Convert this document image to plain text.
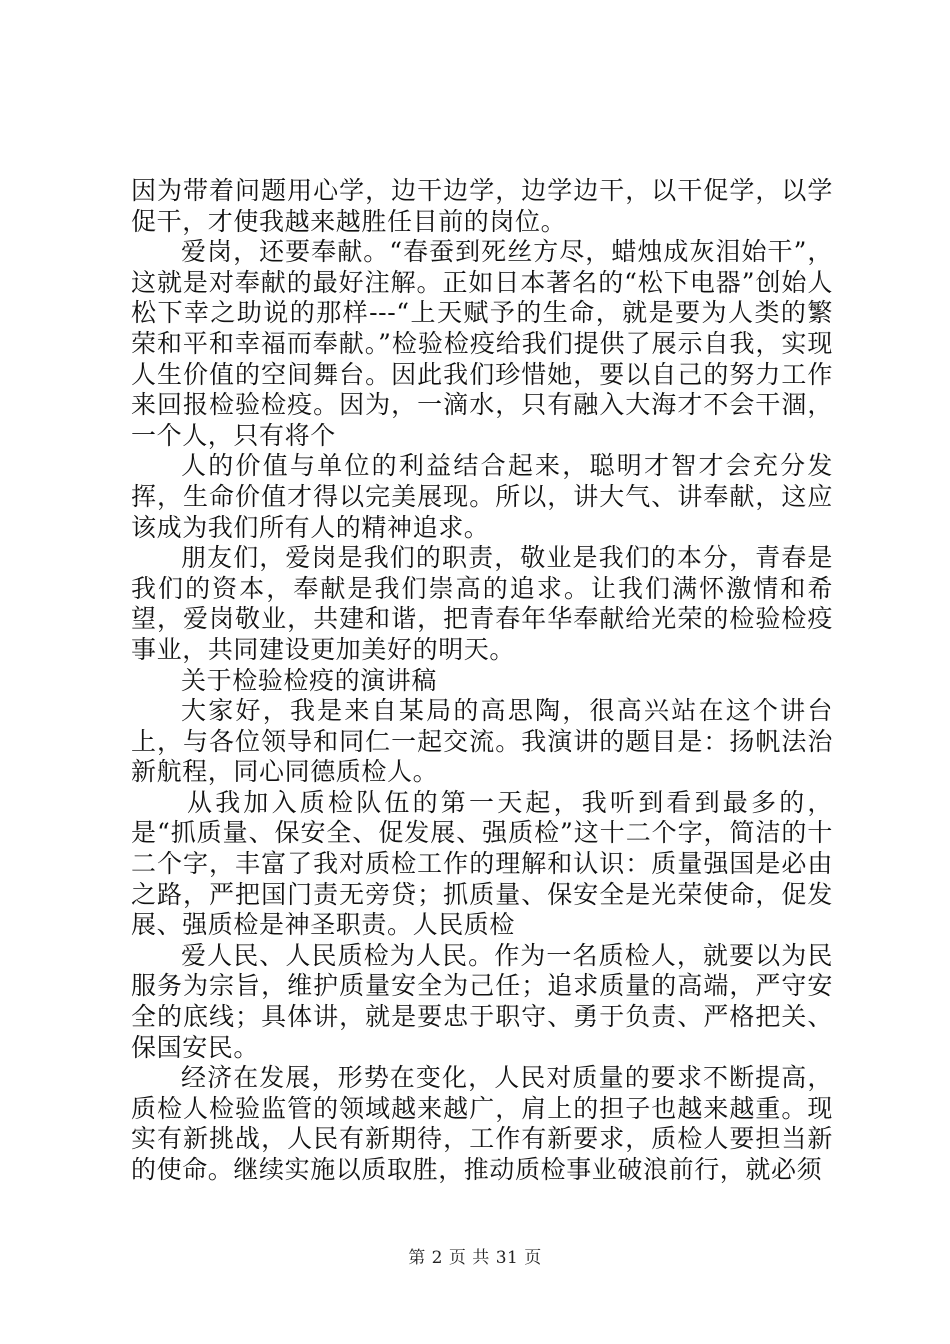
因为带着问题用心学，边干边学，边学边干，以干促学，以学促干，才使我越来越胜任目前的岗位。

爱岗，还要奉献。“春蚕到死丝方尽，蜡烛成灰泪始干”，这就是对奉献的最好注解。正如日本著名的“松下电器”创始人松下幸之助说的那样---“上天赋予的生命，就是要为人类的繁荣和平和幸福而奉献。”检验检疫给我们提供了展示自我，实现人生价值的空间舞台。因此我们珍惜她，要以自己的努力工作来回报检验检疫。因为，一滴水，只有融入大海才不会干涸，一个人，只有将个

人的价值与单位的利益结合起来，聪明才智才会充分发挥，生命价值才得以完美展现。所以，讲大气、讲奉献，这应该成为我们所有人的精神追求。

朋友们，爱岗是我们的职责，敬业是我们的本分，青春是我们的资本，奉献是我们崇高的追求。让我们满怀激情和希望，爱岗敬业，共建和谐，把青春年华奉献给光荣的检验检疫事业，共同建设更加美好的明天。

关于检验检疫的演讲稿

大家好，我是来自某局的高思陶，很高兴站在这个讲台上，与各位领导和同仁一起交流。我演讲的题目是：扬帆法治新航程，同心同德质检人。

从我加入质检队伍的第一天起，我听到看到最多的，是“抓质量、保安全、促发展、强质检”这十二个字，简洁的十二个字，丰富了我对质检工作的理解和认识：质量强国是必由之路，严把国门责无旁贷；抓质量、保安全是光荣使命，促发展、强质检是神圣职责。人民质检

爱人民、人民质检为人民。作为一名质检人，就要以为民服务为宗旨，维护质量安全为己任；追求质量的高端，严守安全的底线；具体讲，就是要忠于职守、勇于负责、严格把关、保国安民。

经济在发展，形势在变化，人民对质量的要求不断提高，质检人检验监管的领域越来越广，肩上的担子也越来越重。现实有新挑战，人民有新期待，工作有新要求，质检人要担当新的使命。继续实施以质取胜，推动质检事业破浪前行，就必须

第 2 页 共 31 页
